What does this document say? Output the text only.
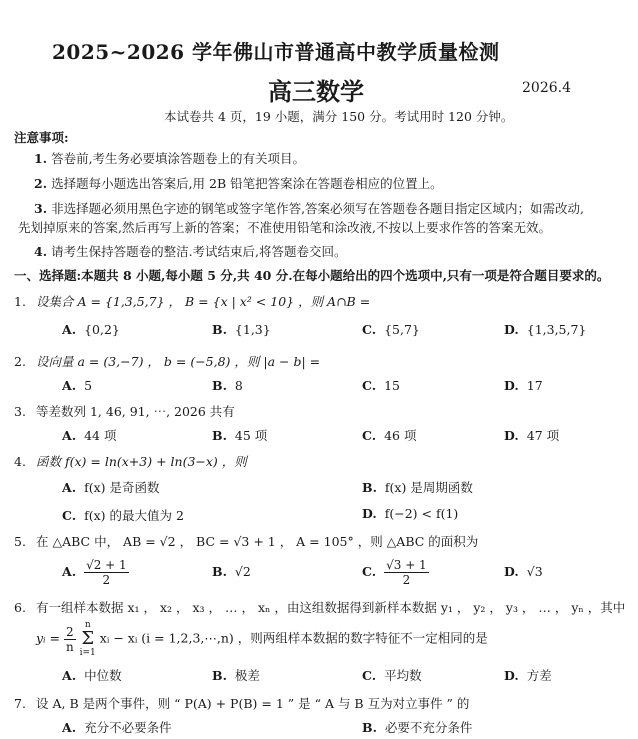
2025~2026 学年佛山市普通高中教学质量检测
高三数学	2026.4
本试卷共 4 页，19 小题，满分 150 分。考试用时 120 分钟。
注意事项:
1. 答卷前,考生务必要填涂答题卷上的有关项目。
2. 选择题每小题选出答案后,用 2B 铅笔把答案涂在答题卷相应的位置上。
3. 非选择题必须用黑色字迹的钢笔或签字笔作答,答案必须写在答题卷各题目指定区域内；如需改动,
先划掉原来的答案,然后再写上新的答案；不准使用铅笔和涂改液,不按以上要求作答的答案无效。
4. 请考生保持答题卷的整洁.考试结束后,将答题卷交回。
一、选择题:本题共 8 小题,每小题 5 分,共 40 分.在每小题给出的四个选项中,只有一项是符合题目要求的。
1. 设集合 A = {1,3,5,7} ， B = {x | x² < 10} ，则 A∩B =
A. {0,2}	B. {1,3}	C. {5,7}	D. {1,3,5,7}
2. 设向量 a = (3,−7) ， b = (−5,8) ，则 |a − b| =
A. 5	B. 8	C. 15	D. 17
3. 等差数列 1, 46, 91, ⋯, 2026 共有
A. 44 项	B. 45 项	C. 46 项	D. 47 项
4. 函数 f(x) = ln(x+3) + ln(3−x) ，则
A. f(x) 是奇函数	B. f(x) 是周期函数
C. f(x) 的最大值为 2	D. f(−2) < f(1)
5. 在 △ABC 中， AB = √2 ， BC = √3 + 1 ， A = 105° ，则 △ABC 的面积为
A. $\frac{√2 + 1}{2}$	B. √2	C. $\frac{√3 + 1}{2}$	D. √3
6. 有一组样本数据 x₁ ， x₂ ， x₃ ， … ， xₙ ，由这组数据得到新样本数据 y₁ ， y₂ ， y₃ ， … ， yₙ ，其中
yᵢ = $\frac{2}{n}$ n
Σ
i=1 xᵢ − xᵢ (i = 1,2,3,⋯,n) ，则两组样本数据的数字特征不一定相同的是
A. 中位数	B. 极差	C. 平均数	D. 方差
7. 设 A, B 是两个事件，则 “ P(A) + P(B) = 1 ” 是 “ A 与 B 互为对立事件 ” 的
A. 充分不必要条件	B. 必要不充分条件
